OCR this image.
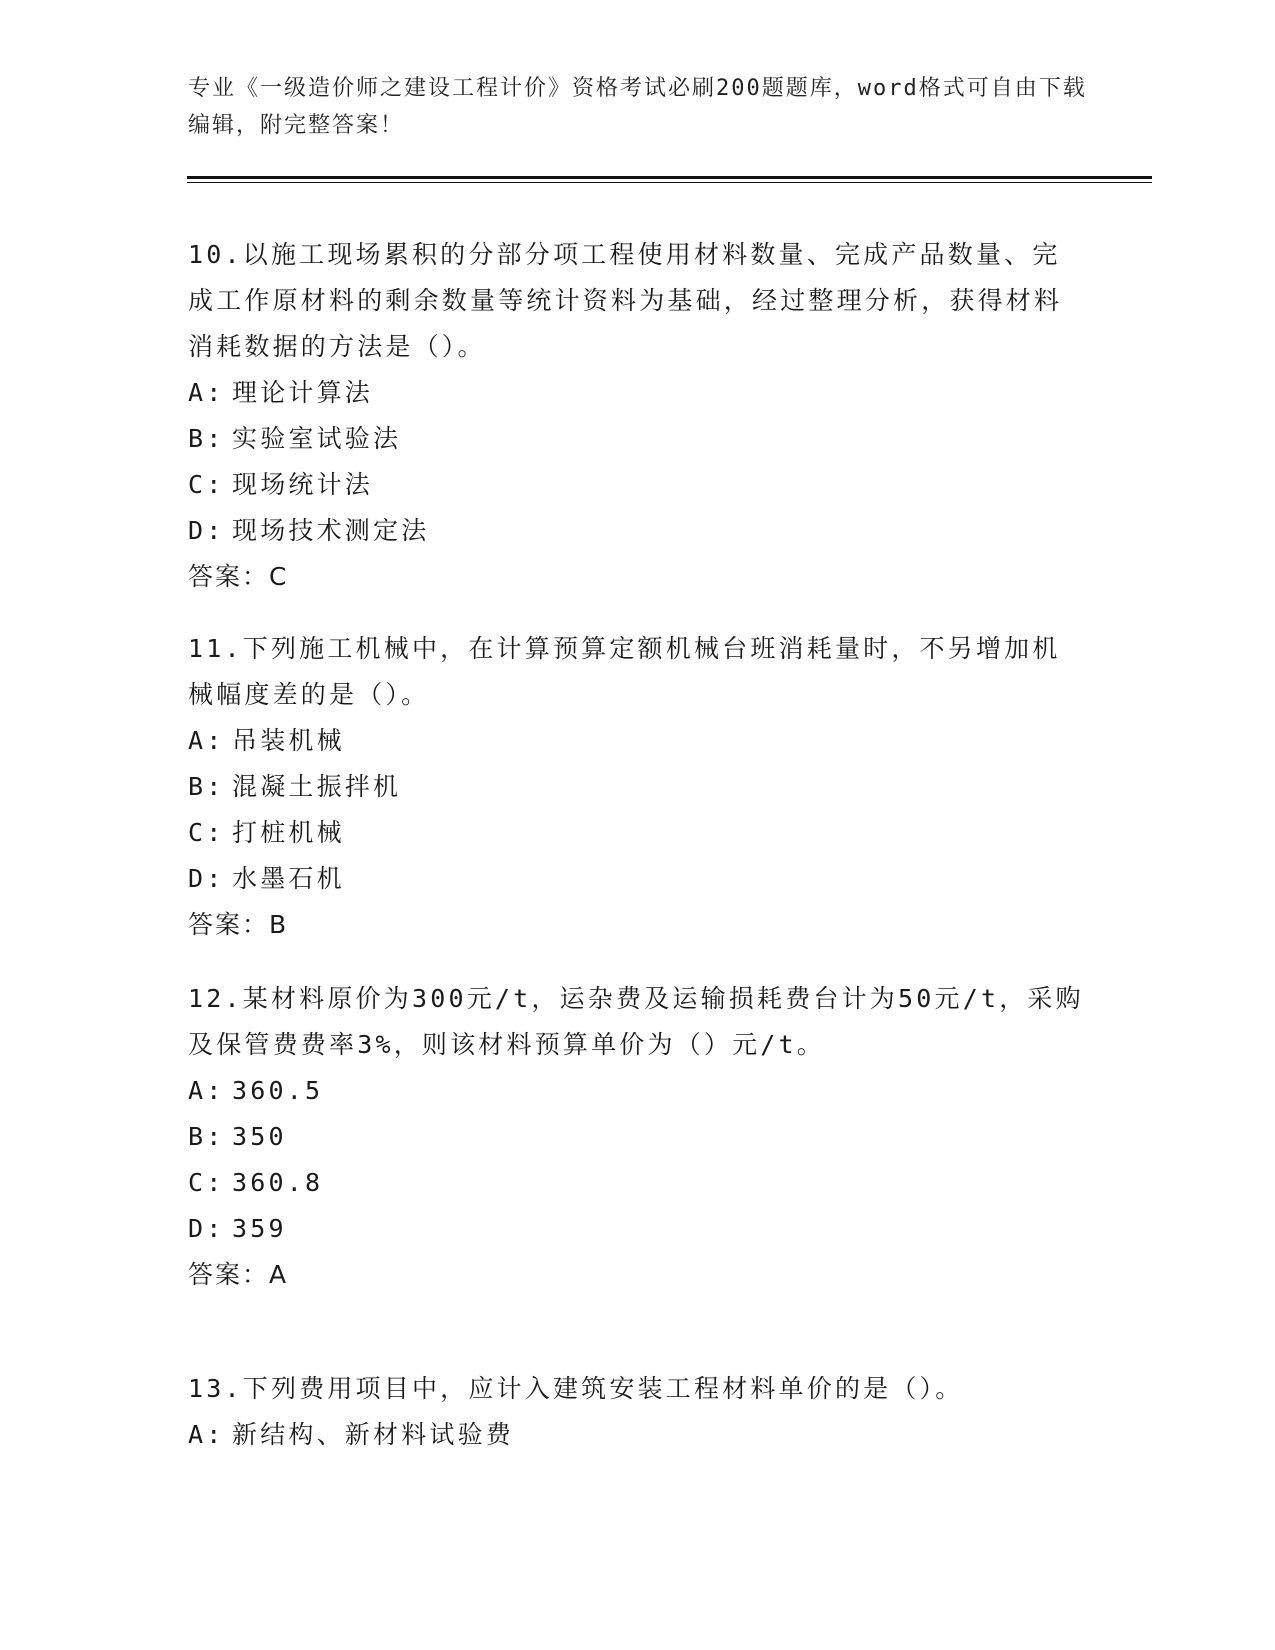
专业《一级造价师之建设工程计价》资格考试必刷200题题库，word格式可自由下载编辑，附完整答案！

10.以施工现场累积的分部分项工程使用材料数量、完成产品数量、完成工作原材料的剩余数量等统计资料为基础，经过整理分析，获得材料消耗数据的方法是（）。

A: 理论计算法

B: 实验室试验法

C: 现场统计法

D: 现场技术测定法

答案：C

11.下列施工机械中，在计算预算定额机械台班消耗量时，不另增加机械幅度差的是（）。

A: 吊装机械

B: 混凝土振拌机

C: 打桩机械

D: 水墨石机

答案：B

12.某材料原价为300元/t，运杂费及运输损耗费台计为50元/t，采购及保管费费率3%，则该材料预算单价为（）元/t。

A: 360.5

B: 350

C: 360.8

D: 359

答案：A

13.下列费用项目中，应计入建筑安装工程材料单价的是（）。

A: 新结构、新材料试验费
